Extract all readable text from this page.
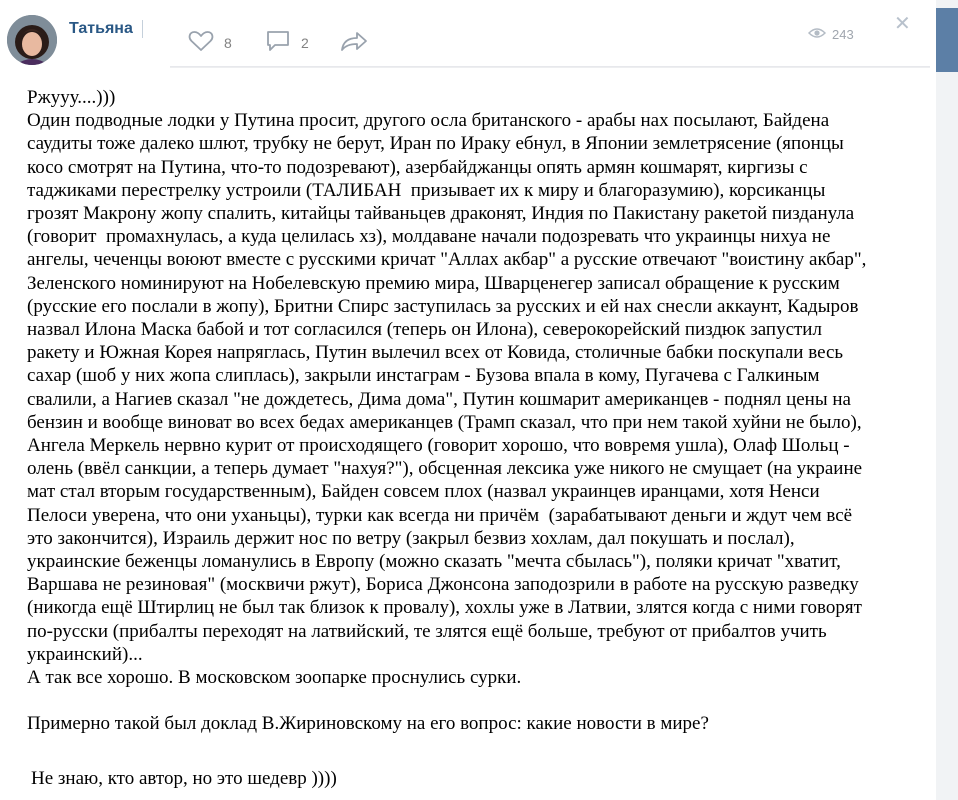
Татьяна
8	2	243 ✕

Ржууу....)))
Один подводные лодки у Путина просит, другого осла британского - арабы нах посылают, Байдена
саудиты тоже далеко шлют, трубку не берут, Иран по Ираку ебнул, в Японии землетрясение (японцы
косо смотрят на Путина, что-то подозревают), азербайджанцы опять армян кошмарят, киргизы с
таджиками перестрелку устроили (ТАЛИБАН  призывает их к миру и благоразумию), корсиканцы
грозят Макрону жопу спалить, китайцы тайваньцев драконят, Индия по Пакистану ракетой пизданула
(говорит  промахнулась, а куда целилась хз), молдаване начали подозревать что украинцы нихуа не
ангелы, чеченцы воюют вместе с русскими кричат "Аллах акбар" а русские отвечают "воистину акбар",
Зеленского номинируют на Нобелевскую премию мира, Шварценегер записал обращение к русским
(русские его послали в жопу), Бритни Спирс заступилась за русских и ей нах снесли аккаунт, Кадыров
назвал Илона Маска бабой и тот согласился (теперь он Илона), северокорейский пиздюк запустил
ракету и Южная Корея напряглась, Путин вылечил всех от Ковида, столичные бабки поскупали весь
сахар (шоб у них жопа слиплась), закрыли инстаграм - Бузова впала в кому, Пугачева с Галкиным
свалили, а Нагиев сказал "не дождетесь, Дима дома", Путин кошмарит американцев - поднял цены на
бензин и вообще виноват во всех бедах американцев (Трамп сказал, что при нем такой хуйни не было),
Ангела Меркель нервно курит от происходящего (говорит хорошо, что вовремя ушла), Олаф Шольц -
олень (ввёл санкции, а теперь думает "нахуя?"), обсценная лексика уже никого не смущает (на украине
мат стал вторым государственным), Байден совсем плох (назвал украинцев иранцами, хотя Ненси
Пелоси уверена, что они уханьцы), турки как всегда ни причём  (зарабатывают деньги и ждут чем всё
это закончится), Израиль держит нос по ветру (закрыл безвиз хохлам, дал покушать и послал),
украинские беженцы ломанулись в Европу (можно сказать "мечта сбылась"), поляки кричат "хватит,
Варшава не резиновая" (москвичи ржут), Бориса Джонсона заподозрили в работе на русскую разведку
(никогда ещё Штирлиц не был так близок к провалу), хохлы уже в Латвии, злятся когда с ними говорят
по-русски (прибалты переходят на латвийский, те злятся ещё больше, требуют от прибалтов учить
украинский)...
А так все хорошо. В московском зоопарке проснулись сурки.

Примерно такой был доклад В.Жириновскому на его вопрос: какие новости в мире?

Не знаю, кто автор, но это шедевр ))))
